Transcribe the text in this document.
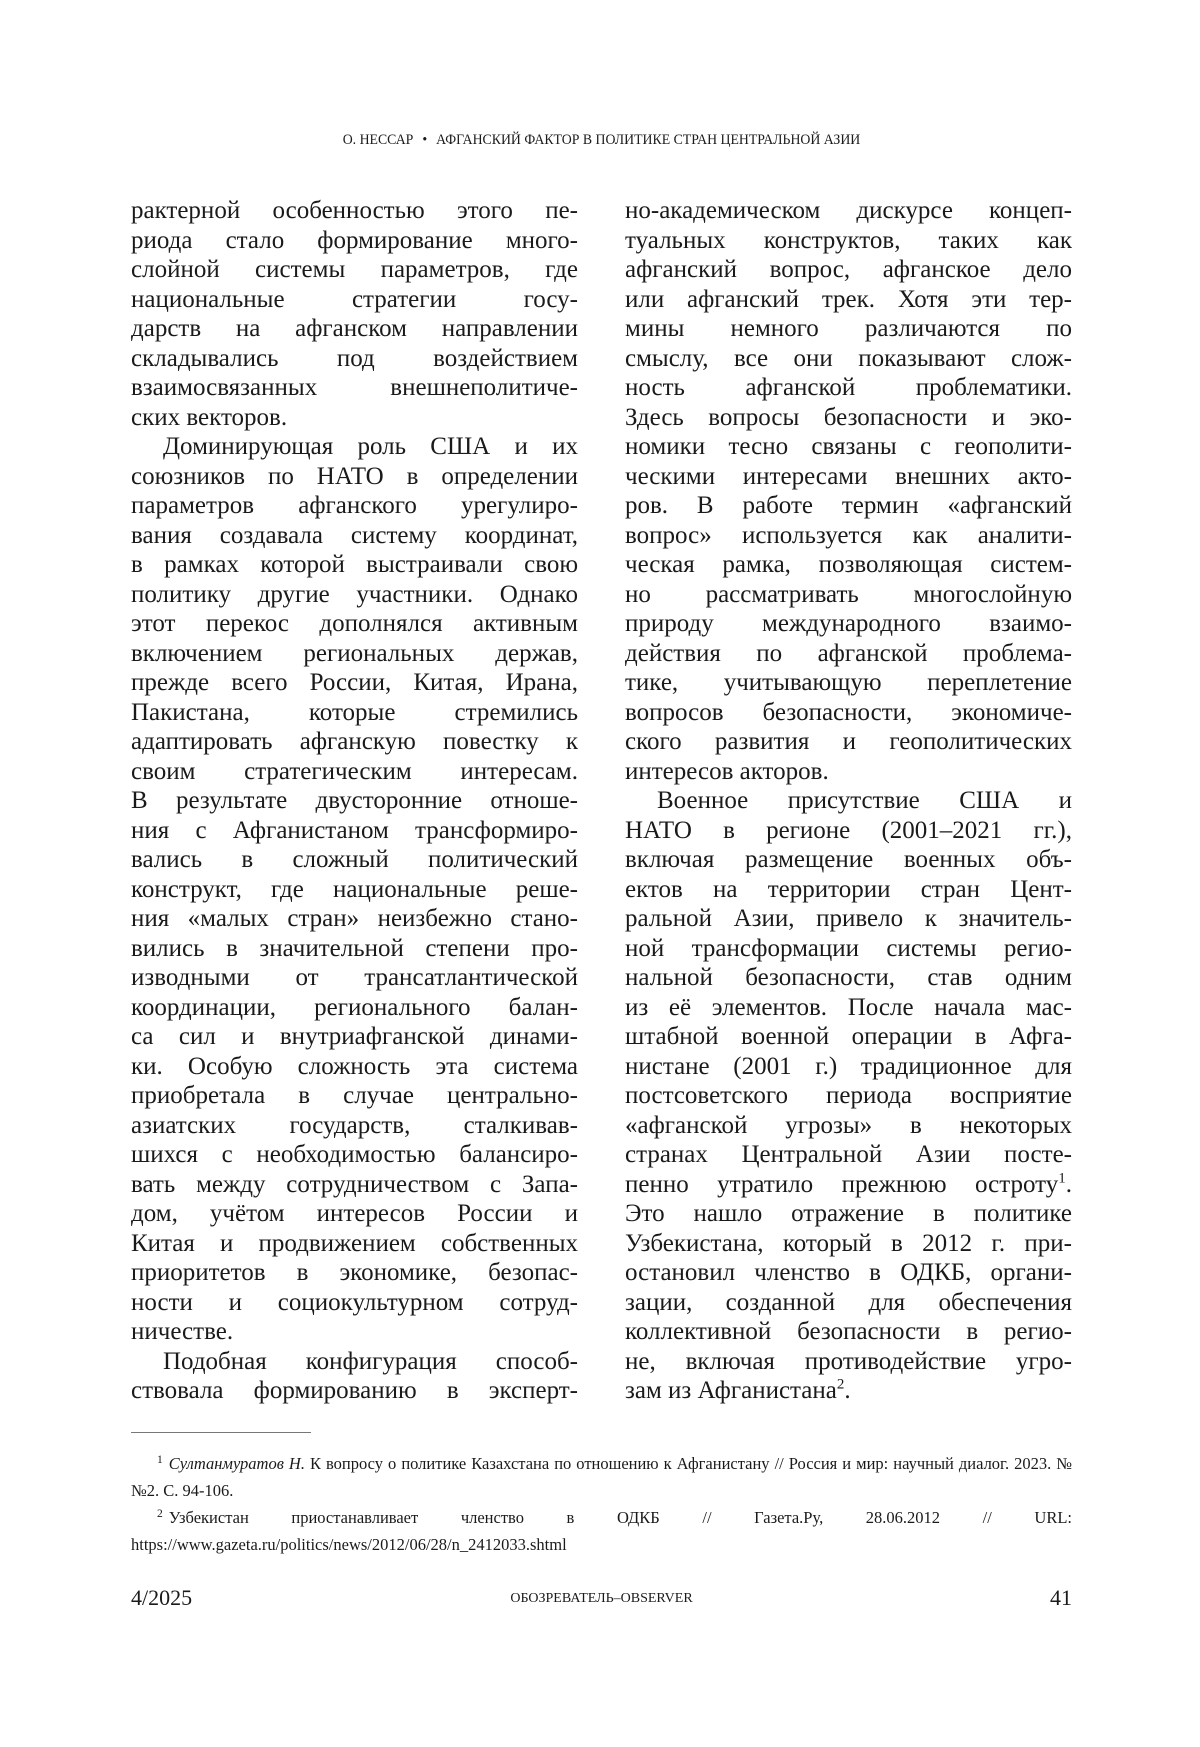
О. НЕССАР • АФГАНСКИЙ ФАКТОР В ПОЛИТИКЕ СТРАН ЦЕНТРАЛЬНОЙ АЗИИ
рактерной особенностью этого пе-
риода стало формирование много-
слойной системы параметров, где
национальные стратегии госу-
дарств на афганском направлении
складывались под воздействием
взаимосвязанных внешнеполитиче-
ских векторов.
Доминирующая роль США и их
союзников по НАТО в определении
параметров афганского урегулиро-
вания создавала систему координат,
в рамках которой выстраивали свою
политику другие участники. Однако
этот перекос дополнялся активным
включением региональных держав,
прежде всего России, Китая, Ирана,
Пакистана, которые стремились
адаптировать афганскую повестку к
своим стратегическим интересам.
В результате двусторонние отноше-
ния с Афганистаном трансформиро-
вались в сложный политический
конструкт, где национальные реше-
ния «малых стран» неизбежно стано-
вились в значительной степени про-
изводными от трансатлантической
координации, регионального балан-
са сил и внутриафганской динами-
ки. Особую сложность эта система
приобретала в случае центрально-
азиатских государств, сталкивав-
шихся с необходимостью балансиро-
вать между сотрудничеством с Запа-
дом, учётом интересов России и
Китая и продвижением собственных
приоритетов в экономике, безопас-
ности и социокультурном сотруд-
ничестве.
Подобная конфигурация способ-
ствовала формированию в эксперт-
но-академическом дискурсе концеп-
туальных конструктов, таких как
афганский вопрос, афганское дело
или афганский трек. Хотя эти тер-
мины немного различаются по
смыслу, все они показывают слож-
ность афганской проблематики.
Здесь вопросы безопасности и эко-
номики тесно связаны с геополити-
ческими интересами внешних акто-
ров. В работе термин «афганский
вопрос» используется как аналити-
ческая рамка, позволяющая систем-
но рассматривать многослойную
природу международного взаимо-
действия по афганской проблема-
тике, учитывающую переплетение
вопросов безопасности, экономиче-
ского развития и геополитических
интересов акторов.
Военное присутствие США и
НАТО в регионе (2001–2021 гг.),
включая размещение военных объ-
ектов на территории стран Цент-
ральной Азии, привело к значитель-
ной трансформации системы регио-
нальной безопасности, став одним
из её элементов. После начала мас-
штабной военной операции в Афга-
нистане (2001 г.) традиционное для
постсоветского периода восприятие
«афганской угрозы» в некоторых
странах Центральной Азии посте-
пенно утратило прежнюю остроту1.
Это нашло отражение в политике
Узбекистана, который в 2012 г. при-
остановил членство в ОДКБ, органи-
зации, созданной для обеспечения
коллективной безопасности в регио-
не, включая противодействие угро-
зам из Афганистана2.

1 Султанмуратов Н. К вопросу о политике Казахстана по отношению к Афганистану // Россия и мир: научный диалог. 2023. № №2. С. 94-106.

2 Узбекистан приостанавливает членство в ОДКБ // Газета.Ру, 28.06.2012 // URL: https://www.gazeta.ru/politics/news/2012/06/28/n_2412033.shtml

4/2025	ОБОЗРЕВАТЕЛЬ–OBSERVER	41
